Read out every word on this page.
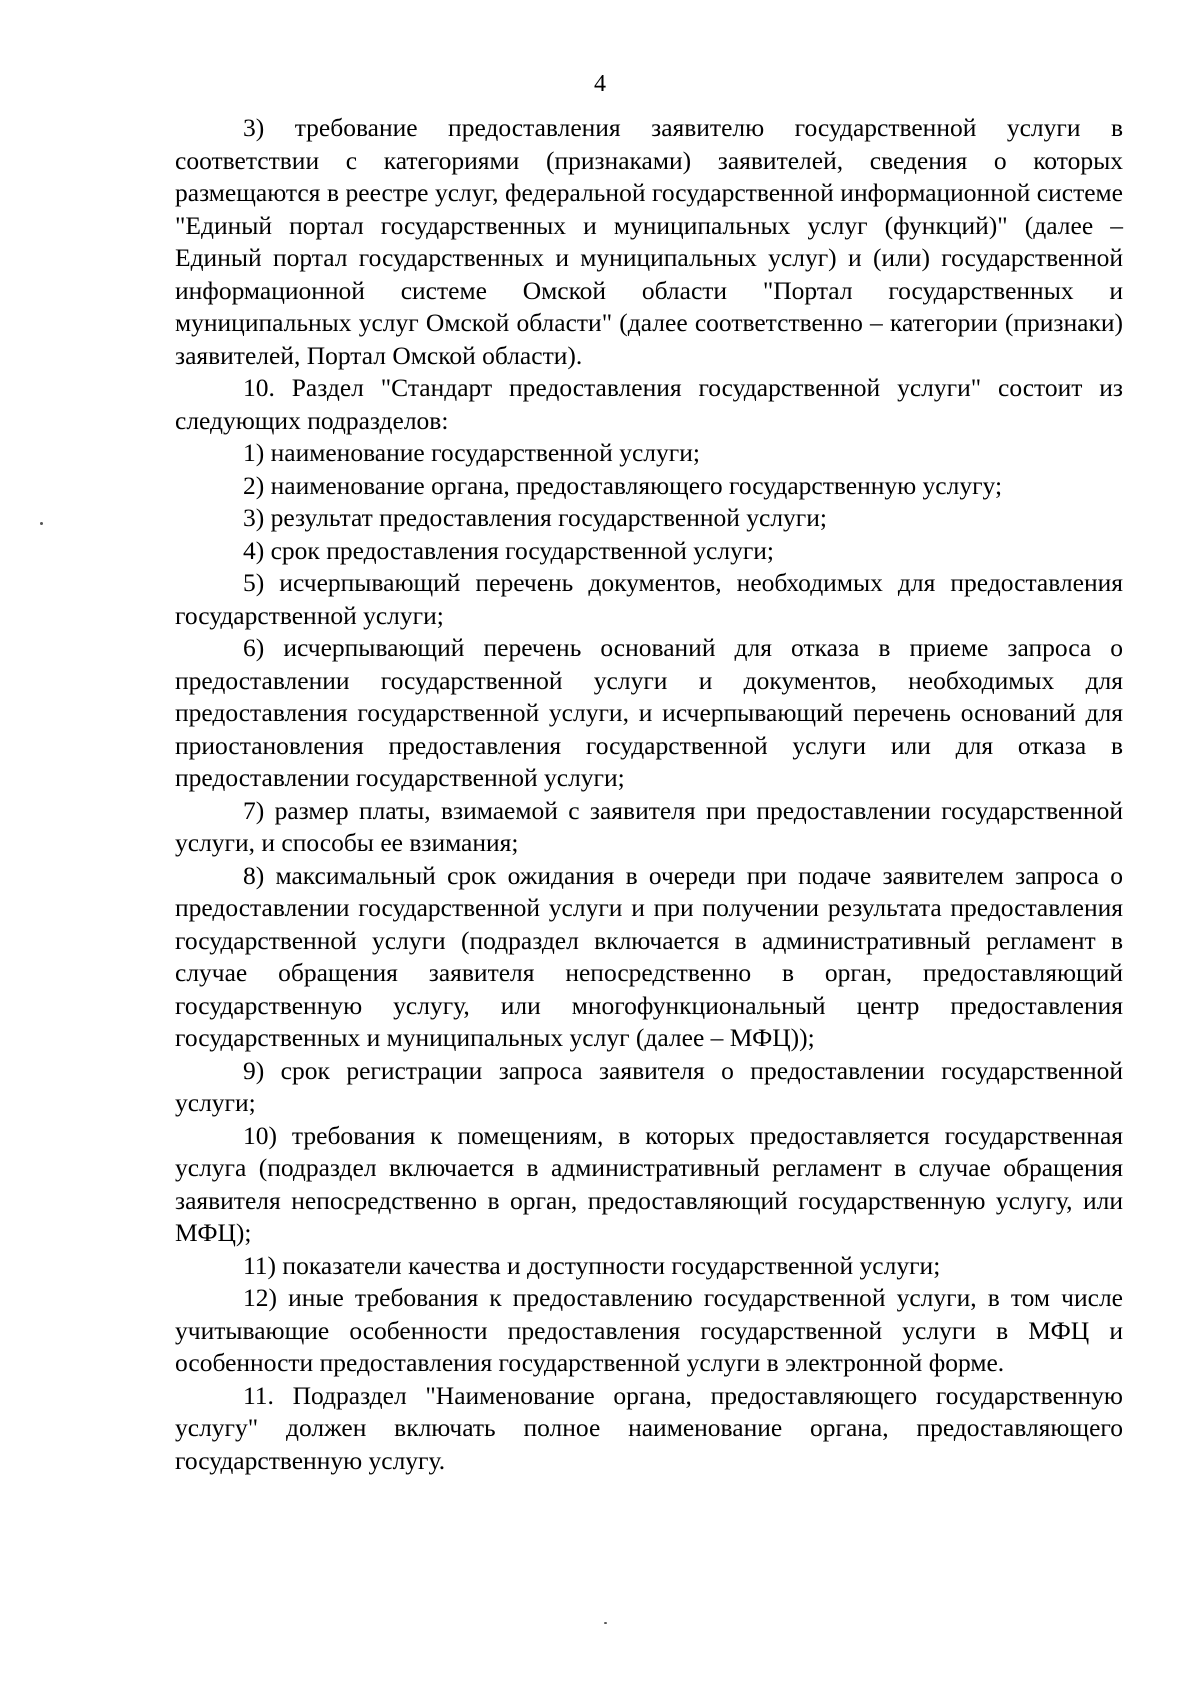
4

3) требование предоставления заявителю государственной услуги в соответствии с категориями (признаками) заявителей, сведения о которых размещаются в реестре услуг, федеральной государственной информационной системе "Единый портал государственных и муниципальных услуг (функций)" (далее – Единый портал государственных и муниципальных услуг) и (или) государственной информационной системе Омской области "Портал государственных и муниципальных услуг Омской области" (далее соответственно – категории (признаки) заявителей, Портал Омской области).

10. Раздел "Стандарт предоставления государственной услуги" состоит из следующих подразделов:

1) наименование государственной услуги;

2) наименование органа, предоставляющего государственную услугу;

3) результат предоставления государственной услуги;

4) срок предоставления государственной услуги;

5) исчерпывающий перечень документов, необходимых для предоставления государственной услуги;

6) исчерпывающий перечень оснований для отказа в приеме запроса о предоставлении государственной услуги и документов, необходимых для предоставления государственной услуги, и исчерпывающий перечень оснований для приостановления предоставления государственной услуги или для отказа в предоставлении государственной услуги;

7) размер платы, взимаемой с заявителя при предоставлении государственной услуги, и способы ее взимания;

8) максимальный срок ожидания в очереди при подаче заявителем запроса о предоставлении государственной услуги и при получении результата предоставления государственной услуги (подраздел включается в административный регламент в случае обращения заявителя непосредственно в орган, предоставляющий государственную услугу, или многофункциональный центр предоставления государственных и муниципальных услуг (далее – МФЦ));

9) срок регистрации запроса заявителя о предоставлении государственной услуги;

10) требования к помещениям, в которых предоставляется государственная услуга (подраздел включается в административный регламент в случае обращения заявителя непосредственно в орган, предоставляющий государственную услугу, или МФЦ);

11) показатели качества и доступности государственной услуги;

12) иные требования к предоставлению государственной услуги, в том числе учитывающие особенности предоставления государственной услуги в МФЦ и особенности предоставления государственной услуги в электронной форме.

11. Подраздел "Наименование органа, предоставляющего государственную услугу" должен включать полное наименование органа, предоставляющего государственную услугу.
